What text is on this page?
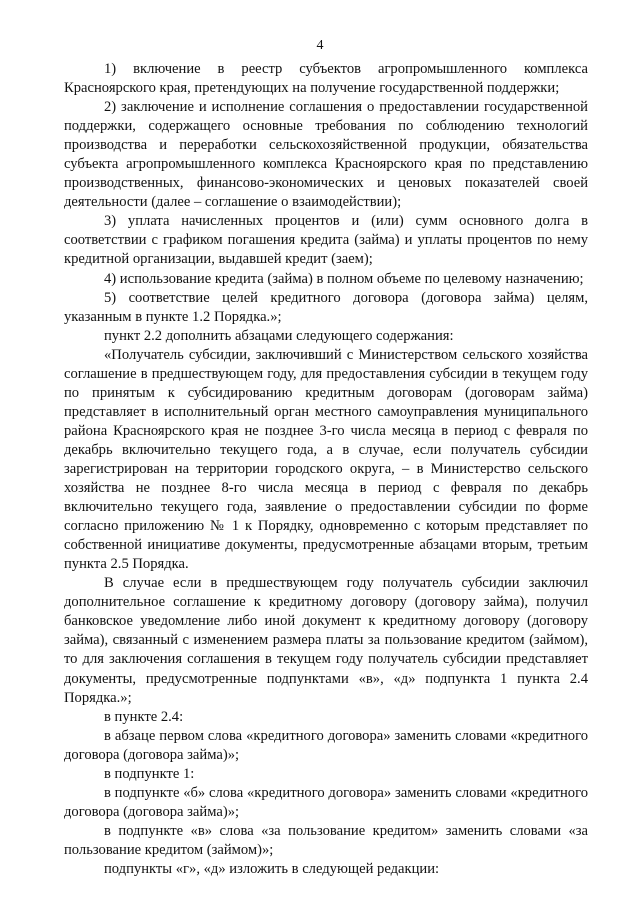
4

1) включение в реестр субъектов агропромышленного комплекса Красноярского края, претендующих на получение государственной поддержки;

2) заключение и исполнение соглашения о предоставлении государственной поддержки, содержащего основные требования по соблюдению технологий производства и переработки сельскохозяйственной продукции, обязательства субъекта агропромышленного комплекса Красноярского края по представлению производственных, финансово-экономических и ценовых показателей своей деятельности (далее – соглашение о взаимодействии);

3) уплата начисленных процентов и (или) сумм основного долга в соответствии с графиком погашения кредита (займа) и уплаты процентов по нему кредитной организации, выдавшей кредит (заем);

4) использование кредита (займа) в полном объеме по целевому назначению;

5) соответствие целей кредитного договора (договора займа) целям, указанным в пункте 1.2 Порядка.»;

пункт 2.2 дополнить абзацами следующего содержания:

«Получатель субсидии, заключивший с Министерством сельского хозяйства соглашение в предшествующем году, для предоставления субсидии в текущем году по принятым к субсидированию кредитным договорам (договорам займа) представляет в исполнительный орган местного самоуправления муниципального района Красноярского края не позднее 3-го числа месяца в период с февраля по декабрь включительно текущего года, а в случае, если получатель субсидии зарегистрирован на территории городского округа, – в Министерство сельского хозяйства не позднее 8-го числа месяца в период с февраля по декабрь включительно текущего года, заявление о предоставлении субсидии по форме согласно приложению № 1 к Порядку, одновременно с которым представляет по собственной инициативе документы, предусмотренные абзацами вторым, третьим пункта 2.5 Порядка.

В случае если в предшествующем году получатель субсидии заключил дополнительное соглашение к кредитному договору (договору займа), получил банковское уведомление либо иной документ к кредитному договору (договору займа), связанный с изменением размера платы за пользование кредитом (займом), то для заключения соглашения в текущем году получатель субсидии представляет документы, предусмотренные подпунктами «в», «д» подпункта 1 пункта 2.4 Порядка.»;

в пункте 2.4:

в абзаце первом слова «кредитного договора» заменить словами «кредитного договора (договора займа)»;

в подпункте 1:

в подпункте «б» слова «кредитного договора» заменить словами «кредитного договора (договора займа)»;

в подпункте «в» слова «за пользование кредитом» заменить словами «за пользование кредитом (займом)»;

подпункты «г», «д» изложить в следующей редакции:
